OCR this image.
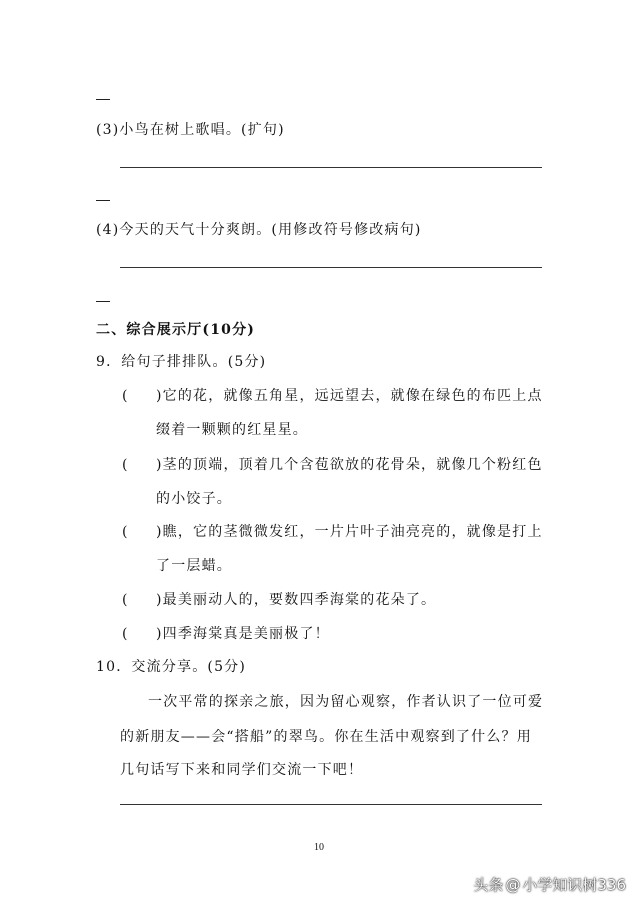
(3)小鸟在树上歌唱。(扩句)
(4)今天的天气十分爽朗。(用修改符号修改病句)
二、综合展示厅(10分)
9．给句子排排队。(5分)
( )它的花，就像五角星，远远望去，就像在绿色的布匹上点
缀着一颗颗的红星星。
( )茎的顶端，顶着几个含苞欲放的花骨朵，就像几个粉红色
的小饺子。
( )瞧，它的茎微微发红，一片片叶子油亮亮的，就像是打上
了一层蜡。
( )最美丽动人的，要数四季海棠的花朵了。
( )四季海棠真是美丽极了！
10．交流分享。(5分)
一次平常的探亲之旅，因为留心观察，作者认识了一位可爱
的新朋友——会“搭船”的翠鸟。你在生活中观察到了什么？用
几句话写下来和同学们交流一下吧！
10
头条 @ 小学知识树336
